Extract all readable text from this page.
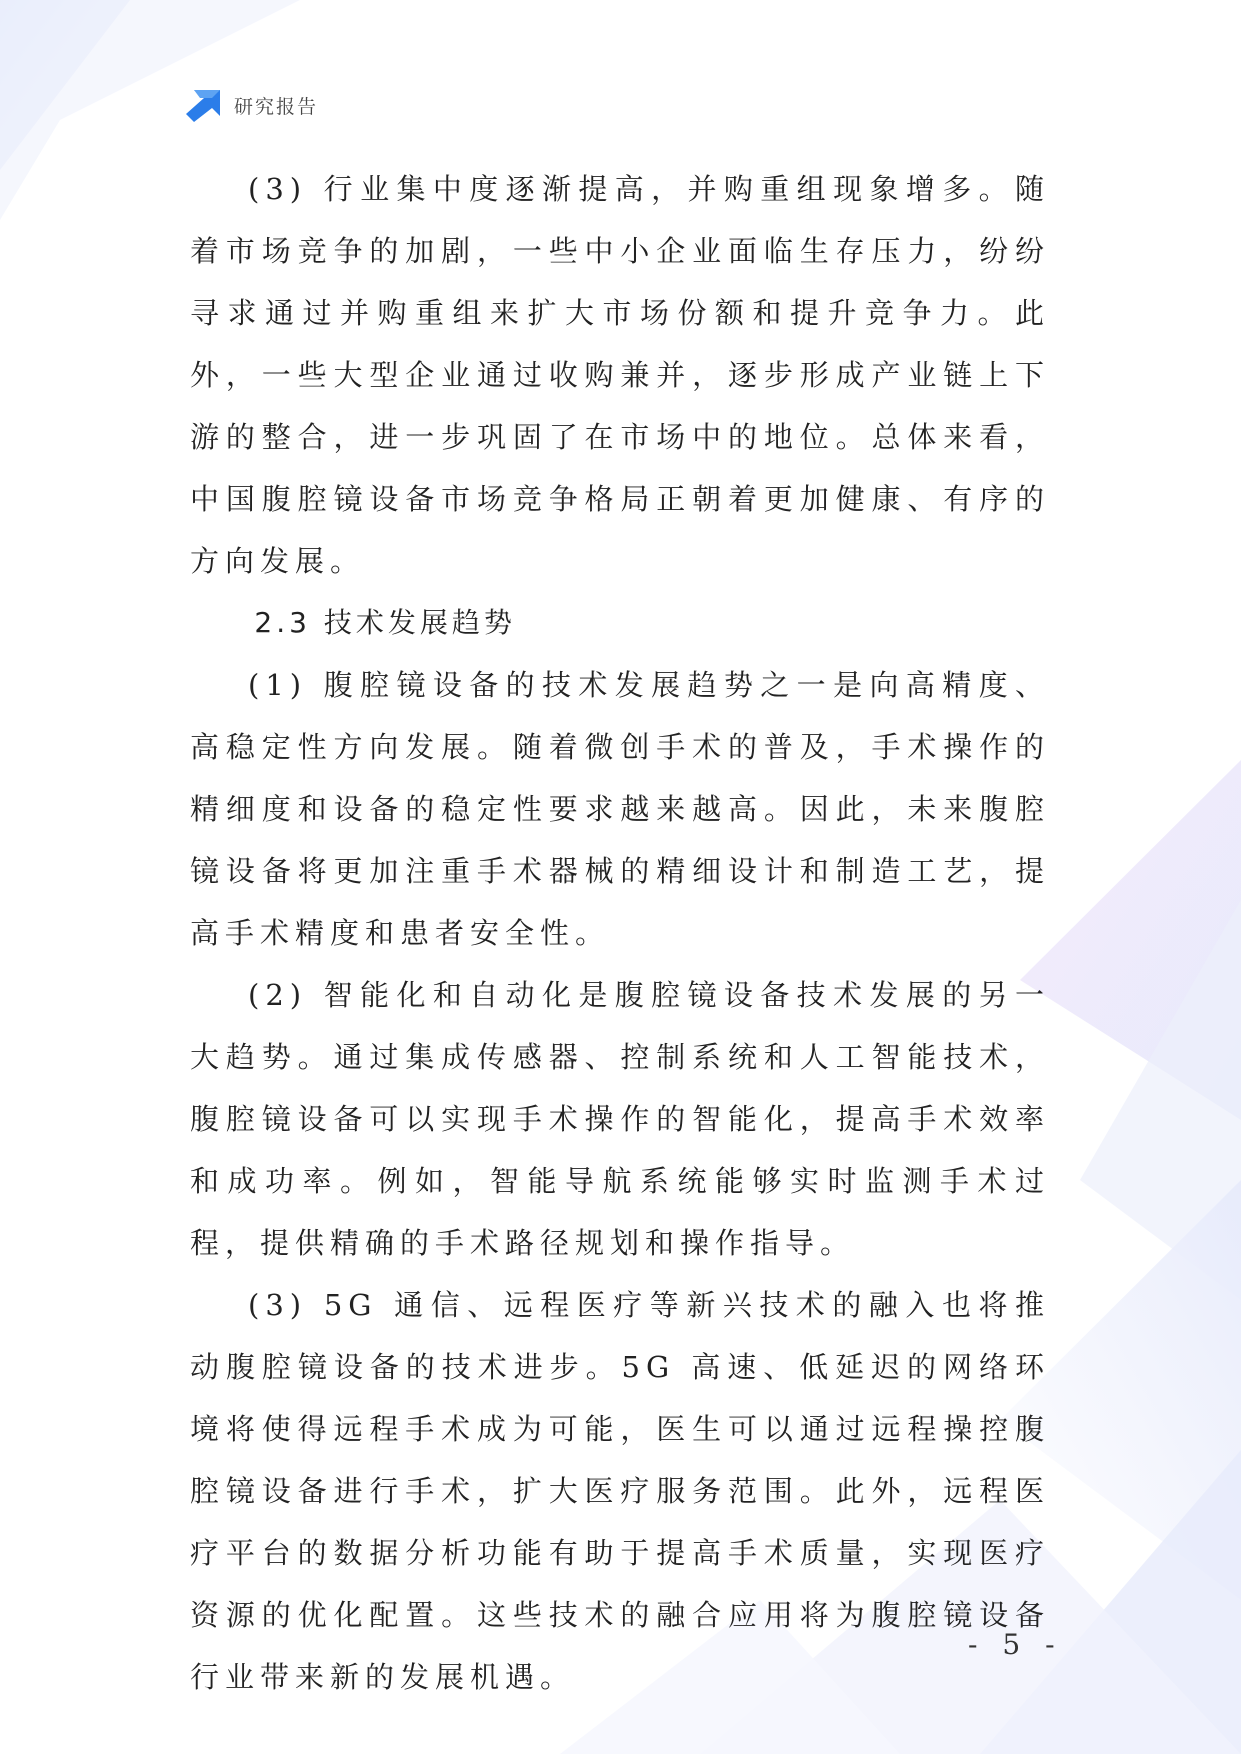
研究报告

(3) 行业集中度逐渐提高，并购重组现象增多。随着市场竞争的加剧，一些中小企业面临生存压力，纷纷寻求通过并购重组来扩大市场份额和提升竞争力。此外，一些大型企业通过收购兼并，逐步形成产业链上下游的整合，进一步巩固了在市场中的地位。总体来看，中国腹腔镜设备市场竞争格局正朝着更加健康、有序的方向发展。

2.3 技术发展趋势

(1) 腹腔镜设备的技术发展趋势之一是向高精度、高稳定性方向发展。随着微创手术的普及，手术操作的精细度和设备的稳定性要求越来越高。因此，未来腹腔镜设备将更加注重手术器械的精细设计和制造工艺，提高手术精度和患者安全性。

(2) 智能化和自动化是腹腔镜设备技术发展的另一大趋势。通过集成传感器、控制系统和人工智能技术，腹腔镜设备可以实现手术操作的智能化，提高手术效率和成功率。例如，智能导航系统能够实时监测手术过程，提供精确的手术路径规划和操作指导。

(3) 5G 通信、远程医疗等新兴技术的融入也将推动腹腔镜设备的技术进步。5G 高速、低延迟的网络环境将使得远程手术成为可能，医生可以通过远程操控腹腔镜设备进行手术，扩大医疗服务范围。此外，远程医疗平台的数据分析功能有助于提高手术质量，实现医疗资源的优化配置。这些技术的融合应用将为腹腔镜设备行业带来新的发展机遇。

- 5 -
